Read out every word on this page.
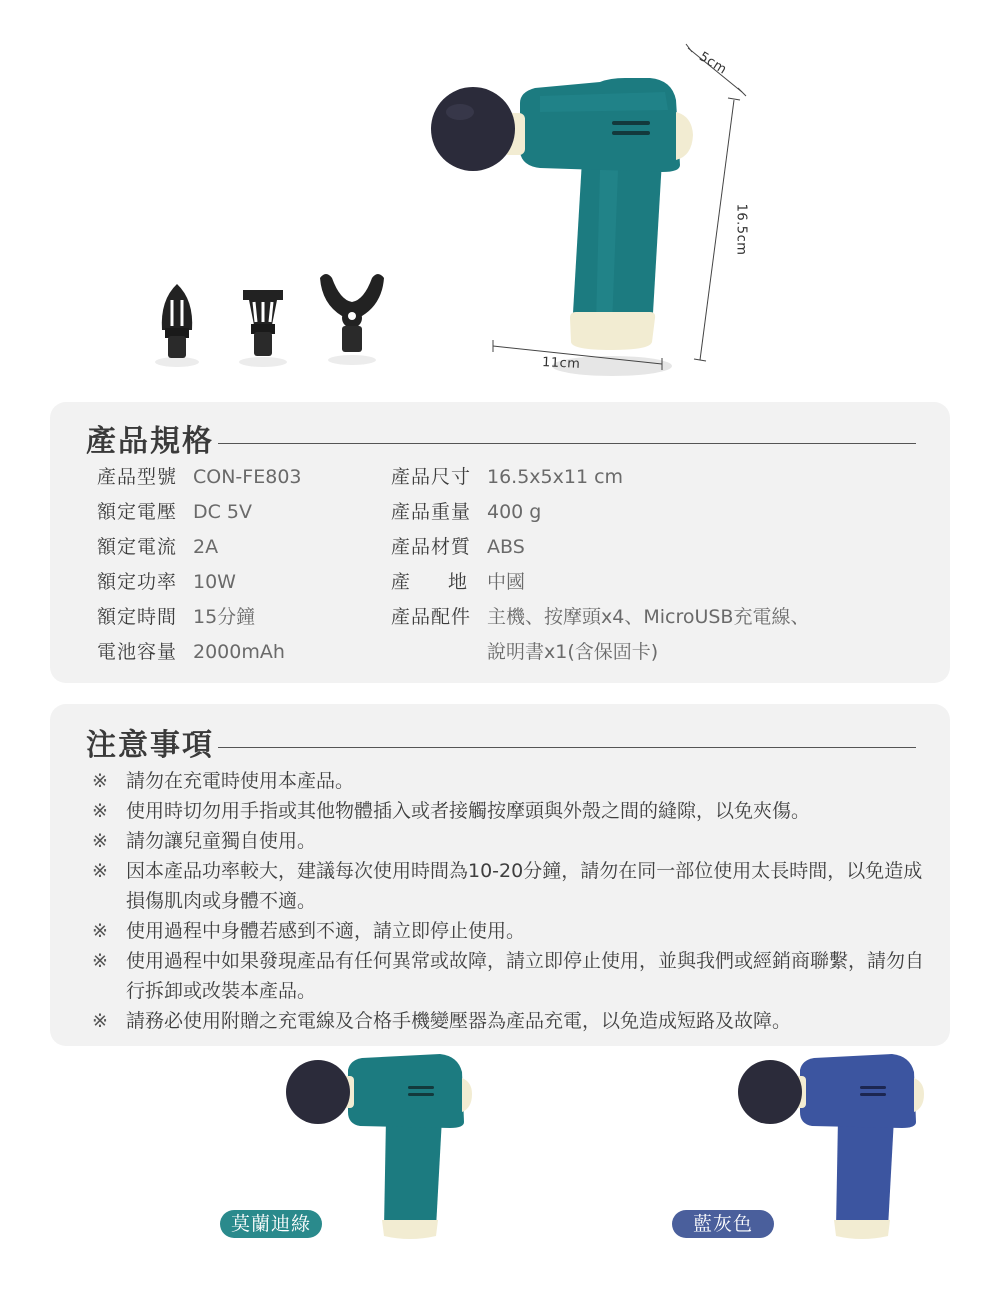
5cm
16.5cm
11cm
產品規格
產品型號 CON-FE803
額定電壓 DC 5V
額定電流 2A
額定功率 10W
額定時間 15分鐘
電池容量 2000mAh
產品尺寸 16.5x5x11 cm
產品重量 400 g
產品材質 ABS
產　　地 中國
產品配件 主機、按摩頭x4、MicroUSB充電線、
說明書x1(含保固卡)
注意事項
※ 請勿在充電時使用本產品。
※ 使用時切勿用手指或其他物體插入或者接觸按摩頭與外殼之間的縫隙，以免夾傷。
※ 請勿讓兒童獨自使用。
※ 因本產品功率較大，建議每次使用時間為10-20分鐘，請勿在同一部位使用太長時間，以免造成損傷肌肉或身體不適。
※ 使用過程中身體若感到不適，請立即停止使用。
※ 使用過程中如果發現產品有任何異常或故障，請立即停止使用，並與我們或經銷商聯繫，請勿自行拆卸或改裝本產品。
※ 請務必使用附贈之充電線及合格手機變壓器為產品充電，以免造成短路及故障。
莫蘭迪綠	藍灰色
